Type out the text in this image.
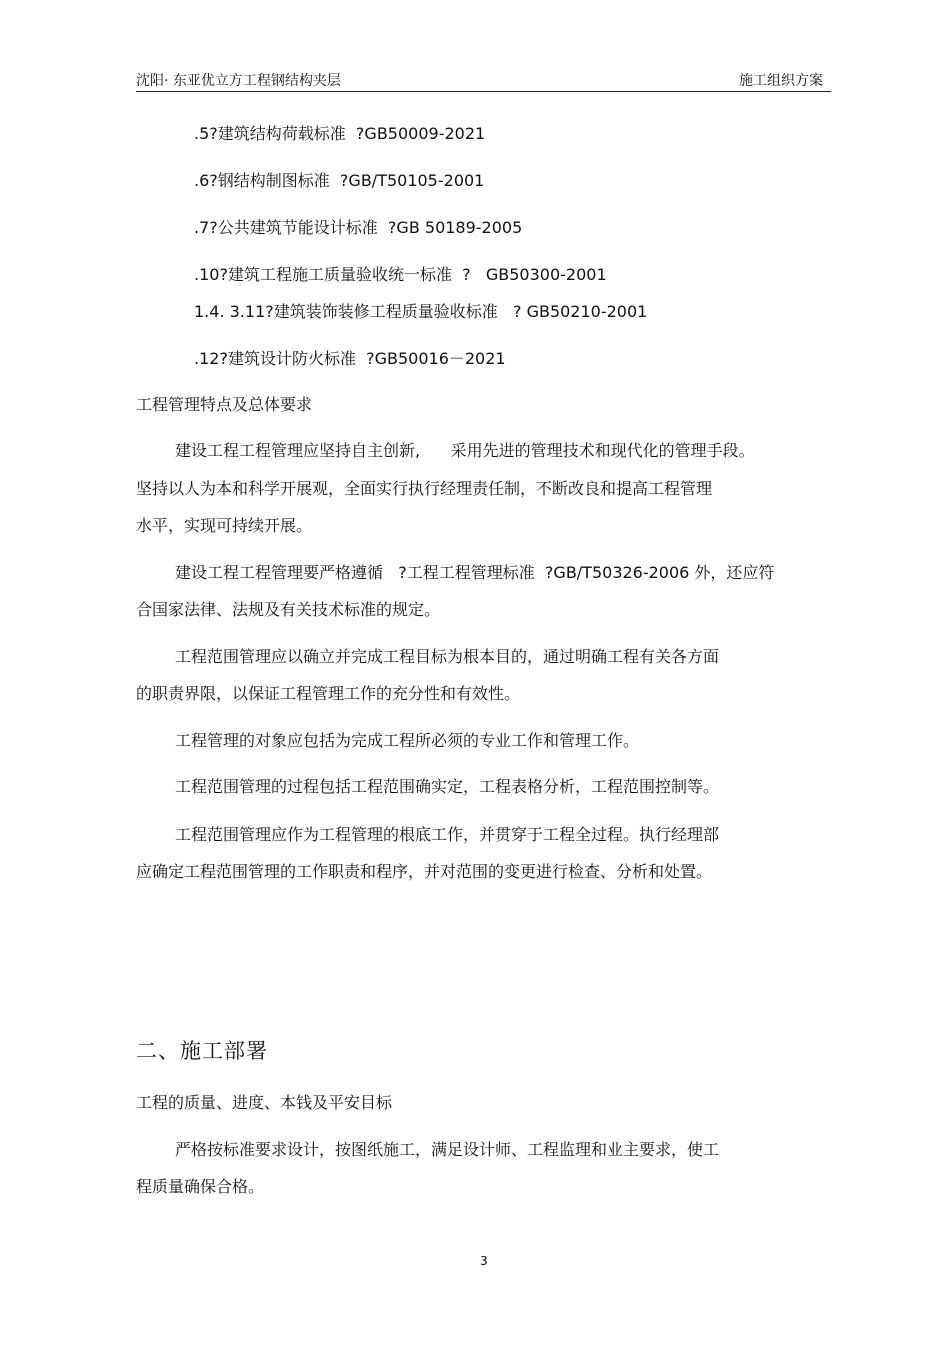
沈阳· 东亚优立方工程钢结构夹层	施工组织方案
.5?建筑结构荷载标准  ?GB50009-2021
.6?钢结构制图标准  ?GB/T50105-2001
.7?公共建筑节能设计标准  ?GB 50189-2005
.10?建筑工程施工质量验收统一标准  ?   GB50300-2001
1.4. 3.11?建筑装饰装修工程质量验收标准   ? GB50210-2001
.12?建筑设计防火标准  ?GB50016－2021
工程管理特点及总体要求
建设工程工程管理应坚持自主创新,      采用先进的管理技术和现代化的管理手段。
坚持以人为本和科学开展观，全面实行执行经理责任制，不断改良和提高工程管理
水平，实现可持续开展。
建设工程工程管理要严格遵循   ?工程工程管理标准  ?GB/T50326-2006 外，还应符
合国家法律、法规及有关技术标准的规定。
工程范围管理应以确立并完成工程目标为根本目的，通过明确工程有关各方面
的职责界限，以保证工程管理工作的充分性和有效性。
工程管理的对象应包括为完成工程所必须的专业工作和管理工作。
工程范围管理的过程包括工程范围确实定，工程表格分析，工程范围控制等。
工程范围管理应作为工程管理的根底工作，并贯穿于工程全过程。执行经理部
应确定工程范围管理的工作职责和程序，并对范围的变更进行检查、分析和处置。
二、施工部署
工程的质量、进度、本钱及平安目标
严格按标准要求设计，按图纸施工，满足设计师、工程监理和业主要求，使工
程质量确保合格。
3
